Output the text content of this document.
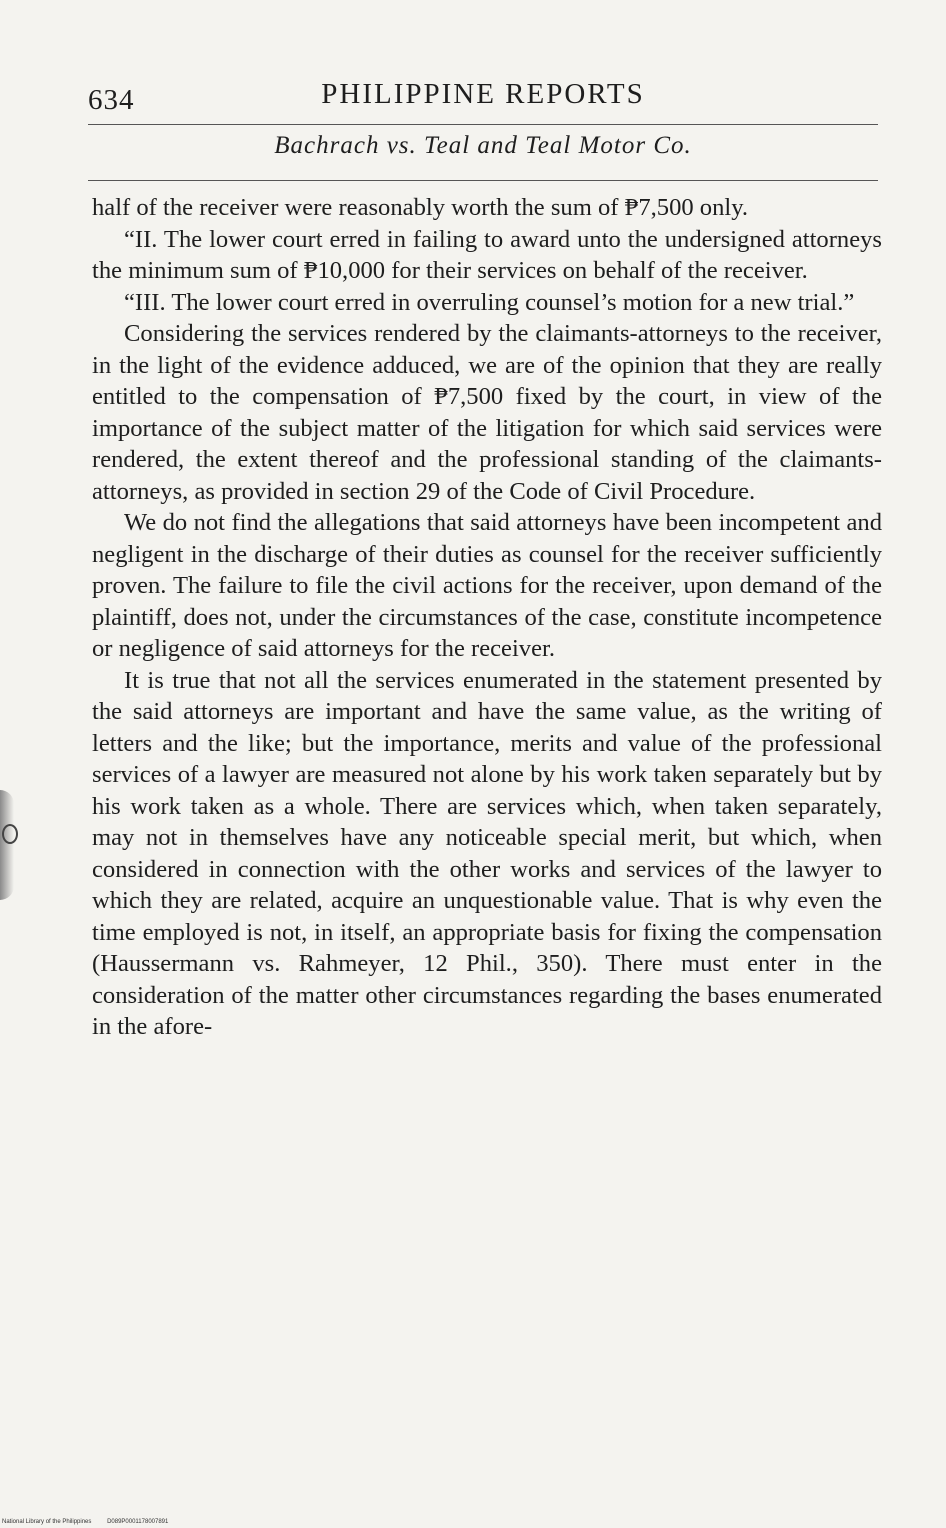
634	PHILIPPINE REPORTS
Bachrach vs. Teal and Teal Motor Co.

half of the receiver were reasonably worth the sum of ₱7,500 only.

“II. The lower court erred in failing to award unto the undersigned attorneys the minimum sum of ₱10,000 for their services on behalf of the receiver.

“III. The lower court erred in overruling counsel’s motion for a new trial.”

Considering the services rendered by the claimants-attorneys to the receiver, in the light of the evidence adduced, we are of the opinion that they are really entitled to the compensation of ₱7,500 fixed by the court, in view of the importance of the subject matter of the litigation for which said services were rendered, the extent thereof and the professional standing of the claimants-attorneys, as provided in section 29 of the Code of Civil Procedure.

We do not find the allegations that said attorneys have been incompetent and negligent in the discharge of their duties as counsel for the receiver sufficiently proven. The failure to file the civil actions for the receiver, upon demand of the plaintiff, does not, under the circumstances of the case, constitute incompetence or negligence of said attorneys for the receiver.

It is true that not all the services enumerated in the statement presented by the said attorneys are important and have the same value, as the writing of letters and the like; but the importance, merits and value of the professional services of a lawyer are measured not alone by his work taken separately but by his work taken as a whole. There are services which, when taken separately, may not in themselves have any noticeable special merit, but which, when considered in connection with the other works and services of the lawyer to which they are related, acquire an unquestionable value. That is why even the time employed is not, in itself, an appropriate basis for fixing the compensation (Haussermann vs. Rahmeyer, 12 Phil., 350). There must enter in the consideration of the matter other circumstances regarding the bases enumerated in the afore-

National Library of the Philippines	D089P0001178007891
